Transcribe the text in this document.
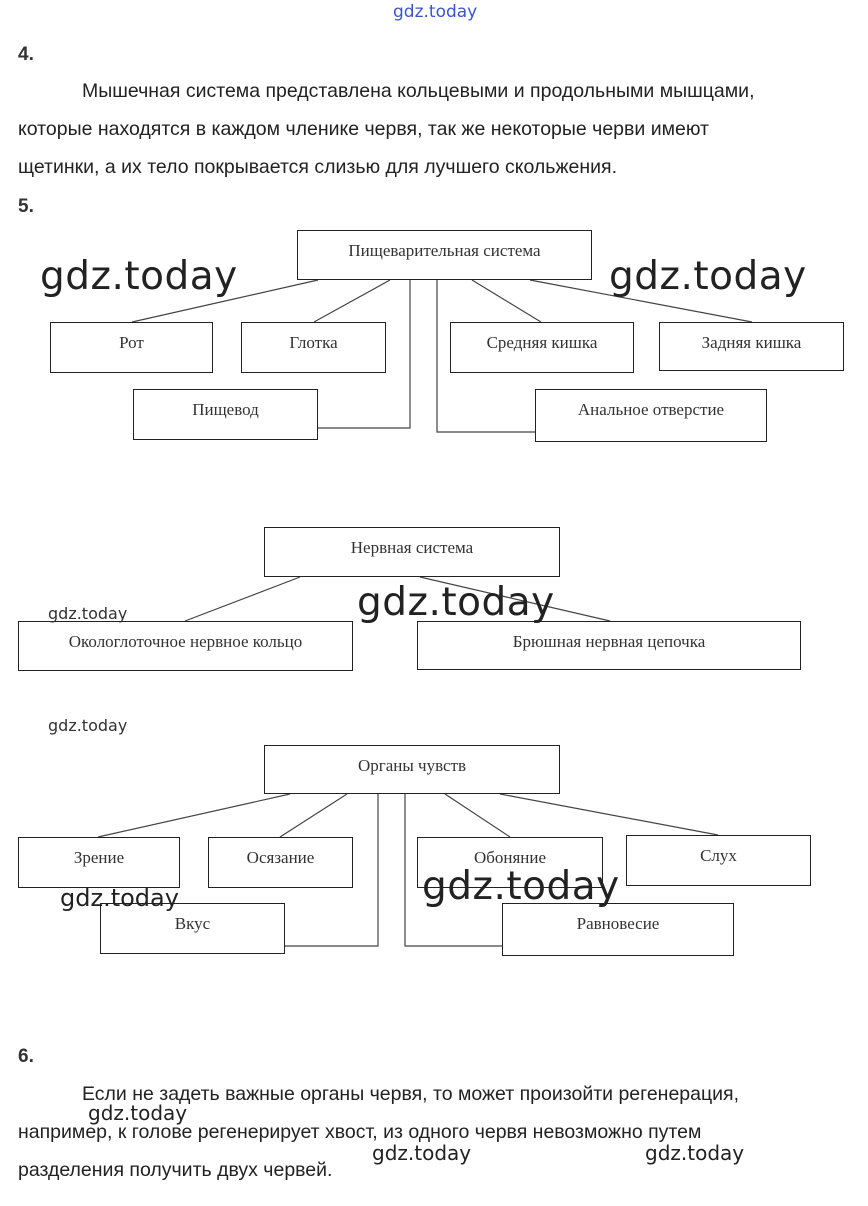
gdz.today
4.
Мышечная система представлена кольцевыми и продольными мышцами,
которые находятся в каждом членике червя, так же некоторые черви имеют
щетинки, а их тело покрывается слизью для лучшего скольжения.
5.
Пищеварительная система
Рот	Глотка	Средняя кишка	Задняя кишка
Пищевод	Анальное отверстие
Нервная система
Окологлоточное нервное кольцо	Брюшная нервная цепочка
Органы чувств
Зрение	Осязание	Обоняние	Слух
Вкус	Равновесие
gdz.today	gdz.today
gdz.today
gdz.today
gdz.today
gdz.today
gdz.today
6.
Если не задеть важные органы червя, то может произойти регенерация,
например, к голове регенерирует хвост, из одного червя невозможно путем
разделения получить двух червей.
gdz.today
gdz.today	gdz.today
